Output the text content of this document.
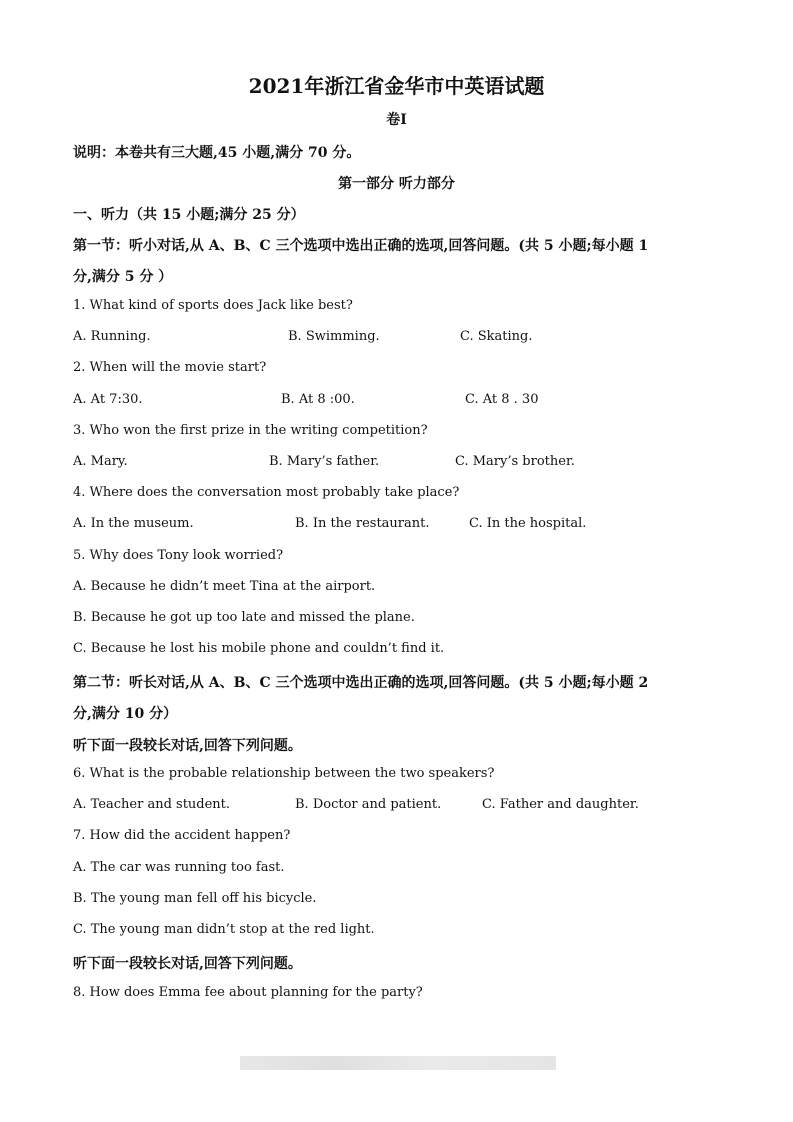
2021年浙江省金华市中英语试题
卷I
说明：本卷共有三大题,45 小题,满分 70 分。
第一部分 听力部分
一、听力（共 15 小题;满分 25 分）
第一节：听小对话,从 A、B、C 三个选项中选出正确的选项,回答问题。(共 5 小题;每小题 1
分,满分 5 分 ）
1. What kind of sports does Jack like best?
A. Running.	B. Swimming.	C. Skating.
2. When will the movie start?
A. At 7:30.	B. At 8 :00.	C. At 8 . 30
3. Who won the first prize in the writing competition?
A. Mary.	B. Mary’s father.	C. Mary’s brother.
4. Where does the conversation most probably take place?
A. In the museum.	B. In the restaurant.	C. In the hospital.
5. Why does Tony look worried?
A. Because he didn’t meet Tina at the airport.
B. Because he got up too late and missed the plane.
C. Because he lost his mobile phone and couldn’t find it.
第二节：听长对话,从 A、B、C 三个选项中选出正确的选项,回答问题。(共 5 小题;每小题 2
分,满分 10 分）
听下面一段较长对话,回答下列问题。
6. What is the probable relationship between the two speakers?
A. Teacher and student.	B. Doctor and patient.	C. Father and daughter.
7. How did the accident happen?
A. The car was running too fast.
B. The young man fell off his bicycle.
C. The young man didn’t stop at the red light.
听下面一段较长对话,回答下列问题。
8. How does Emma fee about planning for the party?
